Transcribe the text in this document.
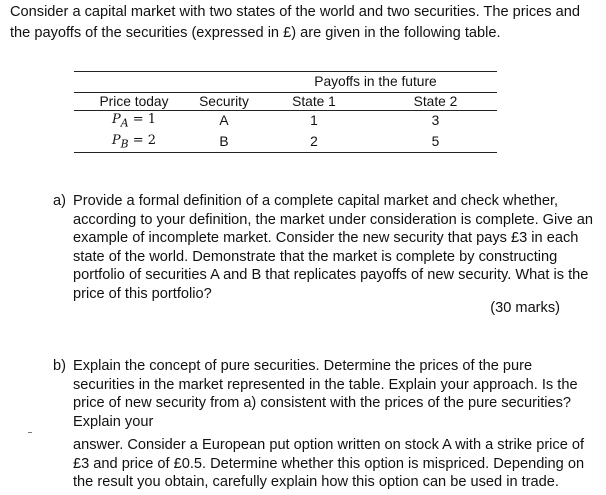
Consider a capital market with two states of the world and two securities. The prices and the payoffs of the securities (expressed in £) are given in the following table.
		Payoffs in the future	
Price today	Security	State 1	State 2
$P_A = 1$	A	1	3
$P_B = 2$	B	2	5
a) Provide a formal definition of a complete capital market and check whether, according to your definition, the market under consideration is complete. Give an example of incomplete market. Consider the new security that pays £3 in each state of the world. Demonstrate that the market is complete by constructing portfolio of securities A and B that replicates payoffs of new security. What is the price of this portfolio?
(30 marks)
b) Explain the concept of pure securities. Determine the prices of the pure securities in the market represented in the table. Explain your approach. Is the price of new security from a) consistent with the prices of the pure securities? Explain your
answer. Consider a European put option written on stock A with a strike price of £3 and price of £0.5. Determine whether this option is mispriced. Depending on the result you obtain, carefully explain how this option can be used in trade.
